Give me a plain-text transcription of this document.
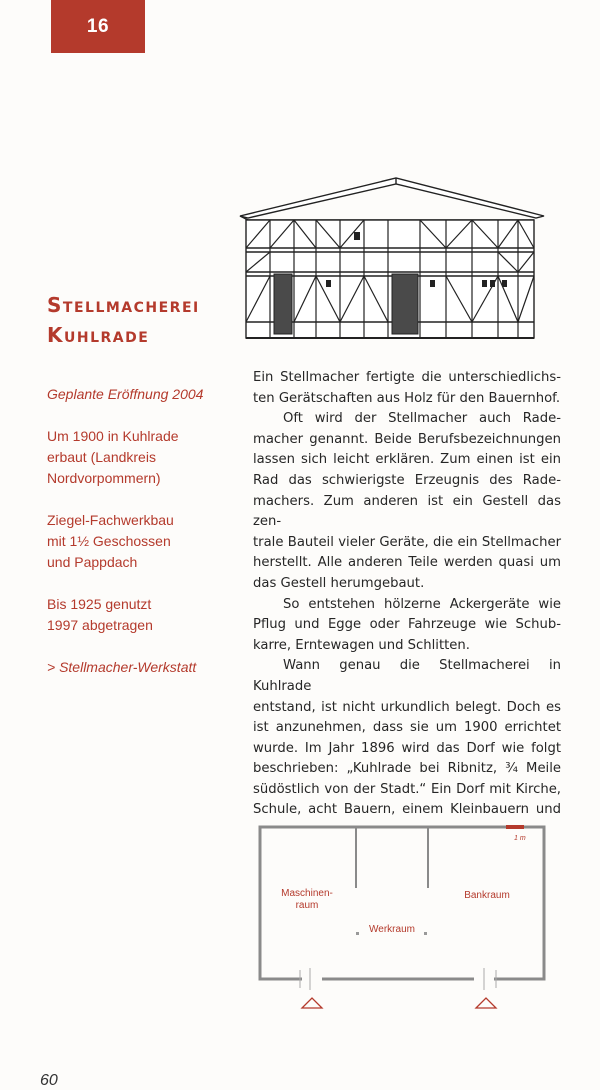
16
Stellmacherei
Kuhlrade

Geplante Eröffnung 2004

Um 1900 in Kuhlrade
erbaut (Landkreis
Nordvorpommern)

Ziegel-Fachwerkbau
mit 1½ Geschossen
und Pappdach

Bis 1925 genutzt
1997 abgetragen

> Stellmacher-Werkstatt

Ein Stellmacher fertigte die unterschiedlichs-

ten Gerätschaften aus Holz für den Bauernhof.

Oft wird der Stellmacher auch Rade-

macher genannt. Beide Berufsbezeichnungen

lassen sich leicht erklären. Zum einen ist ein

Rad das schwierigste Erzeugnis des Rade-

machers. Zum anderen ist ein Gestell das zen-

trale Bauteil vieler Geräte, die ein Stellmacher

herstellt. Alle anderen Teile werden quasi um

das Gestell herumgebaut.

So entstehen hölzerne Ackergeräte wie

Pflug und Egge oder Fahrzeuge wie Schub-

karre, Erntewagen und Schlitten.

Wann genau die Stellmacherei in Kuhlrade

entstand, ist nicht urkundlich belegt. Doch es

ist anzunehmen, dass sie um 1900 errichtet

wurde. Im Jahr 1896 wird das Dorf wie folgt

beschrieben: „Kuhlrade bei Ribnitz, ¾ Meile

südöstlich von der Stadt.“ Ein Dorf mit Kirche,

Schule, acht Bauern, einem Kleinbauern und

1 m
Maschinen-
raum
Bankraum
Werkraum
60
